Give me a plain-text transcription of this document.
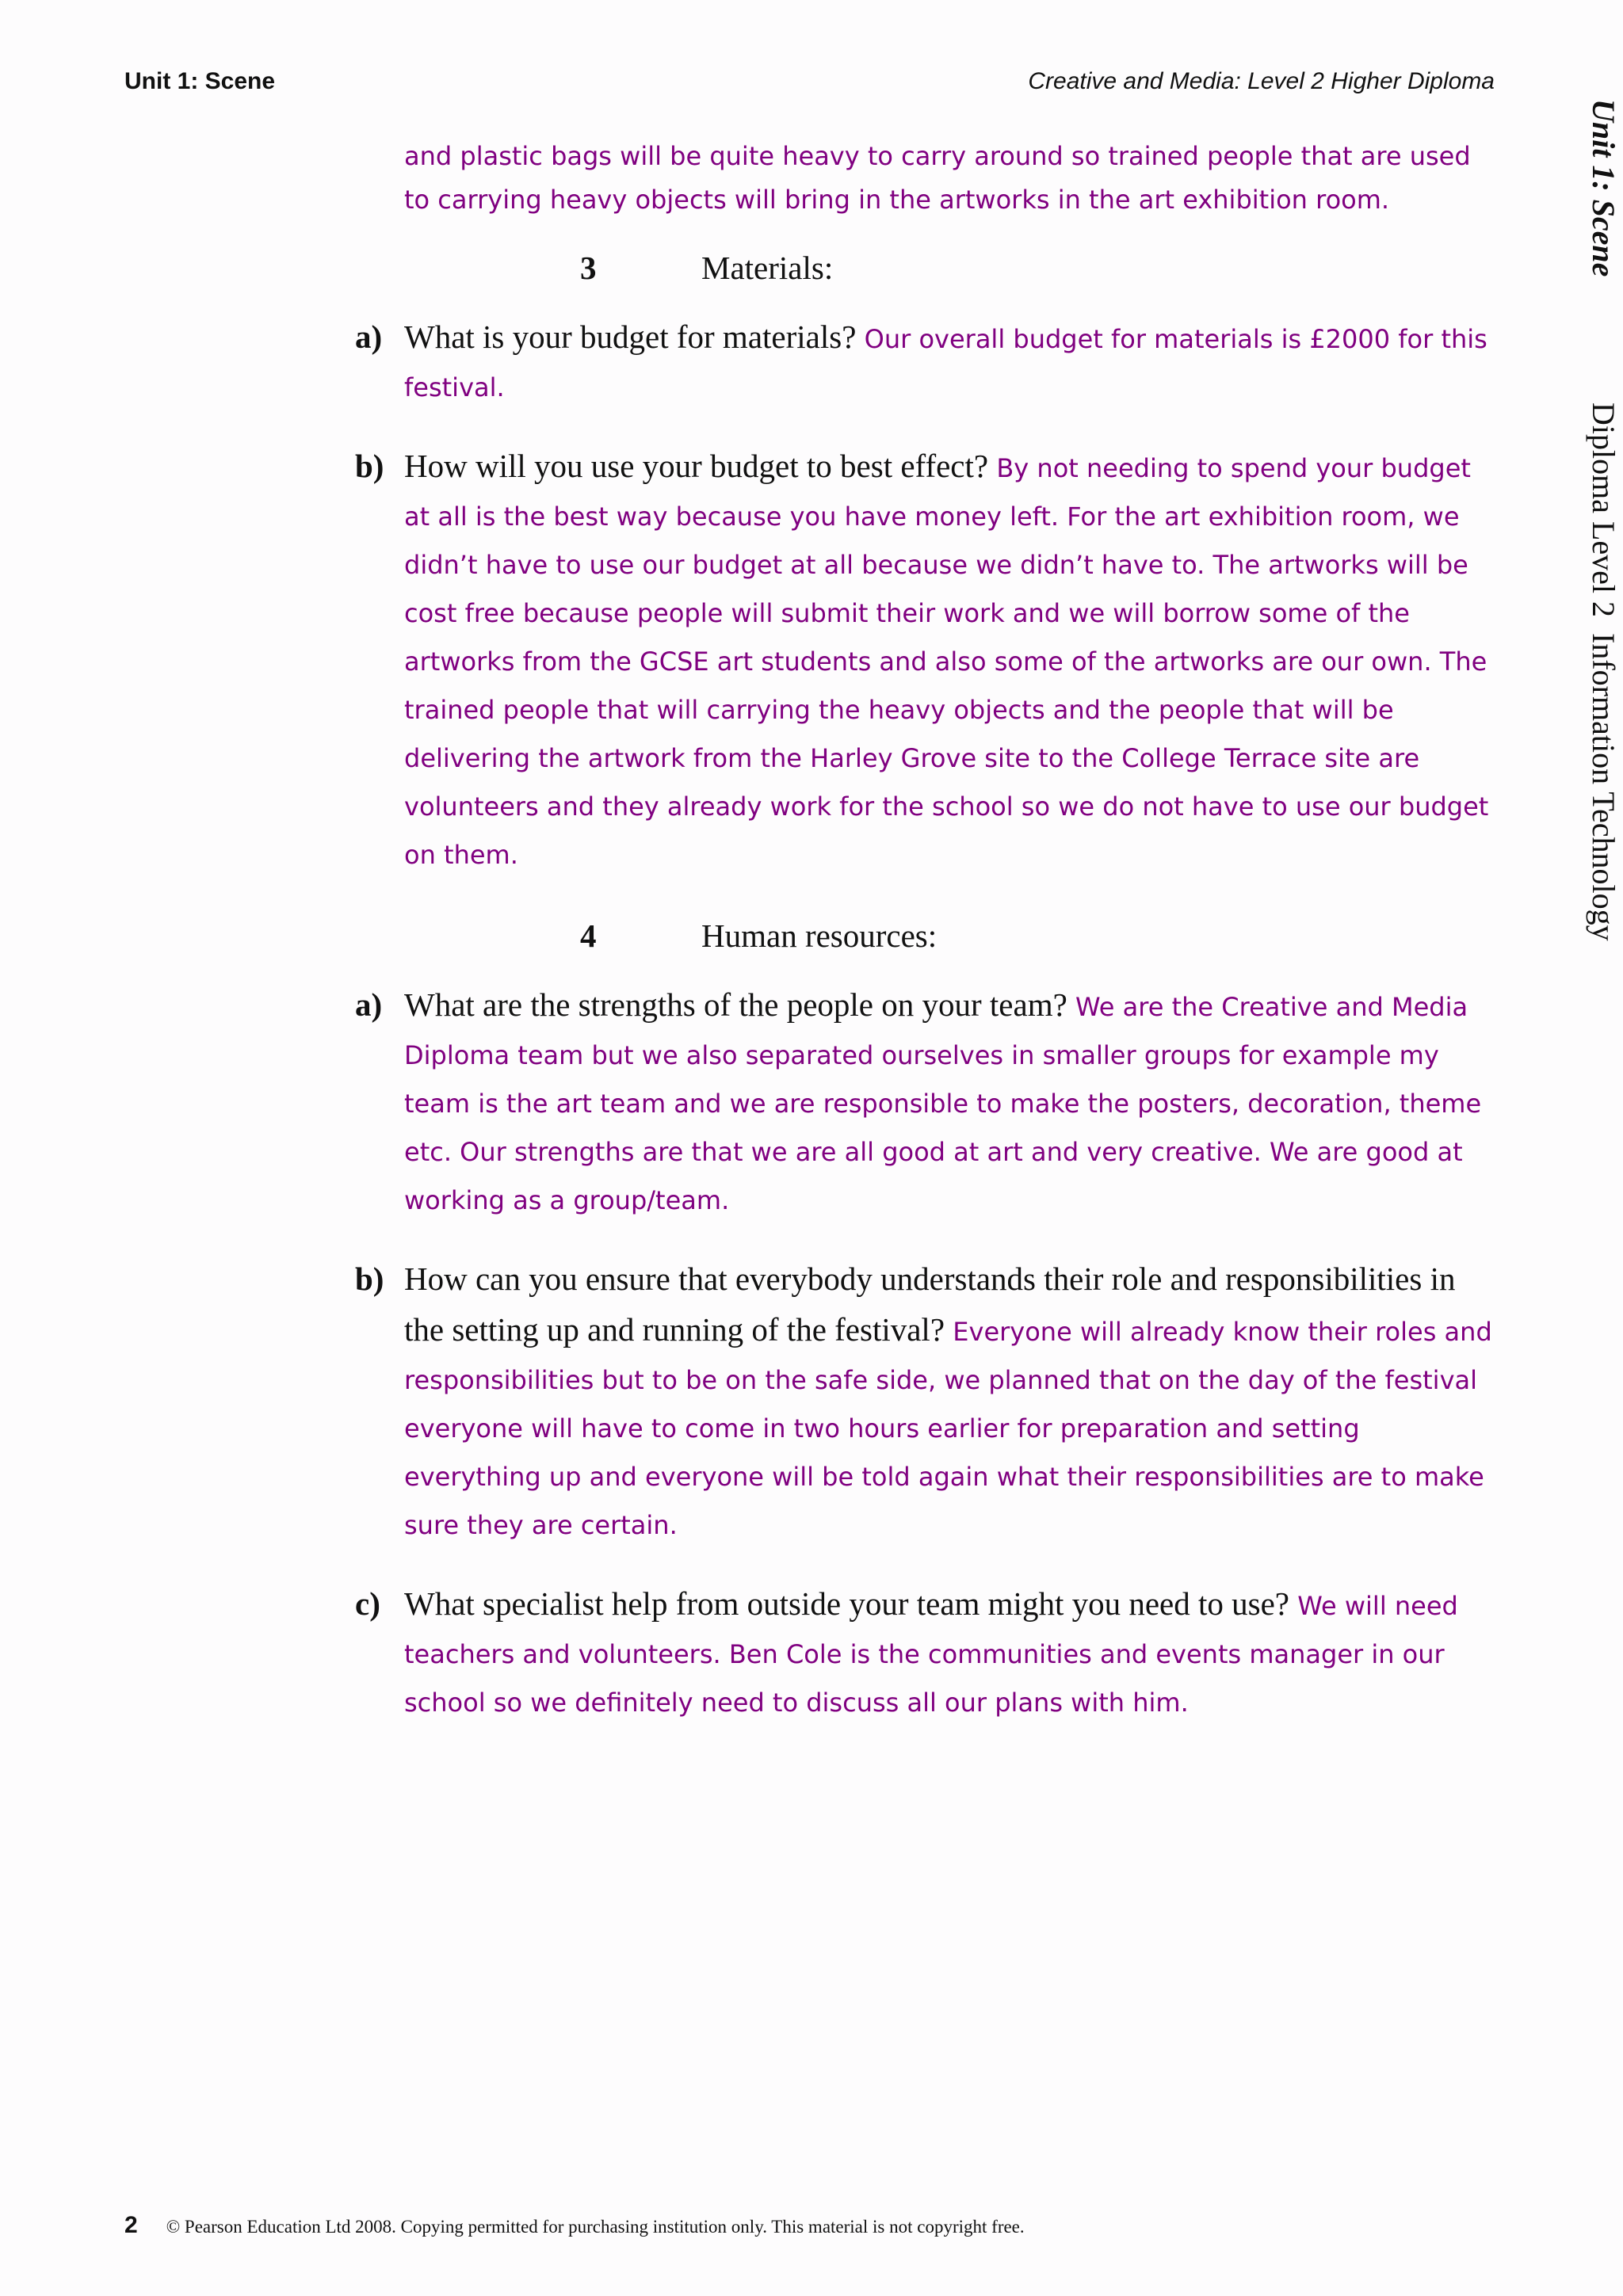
Unit 1: Scene	Creative and Media: Level 2 Higher Diploma
Unit 1: Scene
Diploma Level 2  Information Technology
and plastic bags will be quite heavy to carry around so trained people that are used to carrying heavy objects will bring in the artworks in the art exhibition room.
3	Materials:
a) What is your budget for materials? Our overall budget for materials is £2000 for this festival.
b) How will you use your budget to best effect? By not needing to spend your budget at all is the best way because you have money left. For the art exhibition room, we didn’t have to use our budget at all because we didn’t have to. The artworks will be cost free because people will submit their work and we will borrow some of the artworks from the GCSE art students and also some of the artworks are our own. The trained people that will carrying the heavy objects and the people that will be delivering the artwork from the Harley Grove site to the College Terrace site are volunteers and they already work for the school so we do not have to use our budget on them.
4	Human resources:
a) What are the strengths of the people on your team? We are the Creative and Media Diploma team but we also separated ourselves in smaller groups for example my team is the art team and we are responsible to make the posters, decoration, theme etc. Our strengths are that we are all good at art and very creative. We are good at working as a group/team.
b) How can you ensure that everybody understands their role and responsibilities in the setting up and running of the festival? Everyone will already know their roles and responsibilities but to be on the safe side, we planned that on the day of the festival everyone will have to come in two hours earlier for preparation and setting everything up and everyone will be told again what their responsibilities are to make sure they are certain.
c) What specialist help from outside your team might you need to use? We will need teachers and volunteers. Ben Cole is the communities and events manager in our school so we definitely need to discuss all our plans with him.
2 © Pearson Education Ltd 2008. Copying permitted for purchasing institution only. This material is not copyright free.
